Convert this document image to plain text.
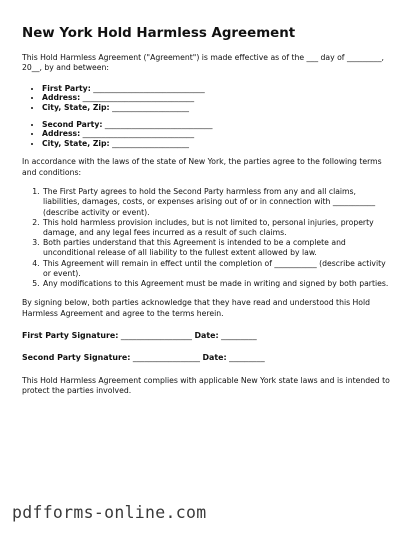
New York Hold Harmless Agreement

This Hold Harmless Agreement ("Agreement") is made effective as of the ___ day of _________, 20__, by and between:

• First Party: _____________________________
• Address: _____________________________
• City, State, Zip: ____________________
• Second Party: ____________________________
• Address: _____________________________
• City, State, Zip: ____________________

In accordance with the laws of the state of New York, the parties agree to the following terms and conditions:

1. The First Party agrees to hold the Second Party harmless from any and all claims, liabilities, damages, costs, or expenses arising out of or in connection with ___________ (describe activity or event).
2. This hold harmless provision includes, but is not limited to, personal injuries, property damage, and any legal fees incurred as a result of such claims.
3. Both parties understand that this Agreement is intended to be a complete and unconditional release of all liability to the fullest extent allowed by law.
4. This Agreement will remain in effect until the completion of ___________ (describe activity or event).
5. Any modifications to this Agreement must be made in writing and signed by both parties.

By signing below, both parties acknowledge that they have read and understood this Hold Harmless Agreement and agree to the terms herein.

First Party Signature: __________________ Date: _________

Second Party Signature: _________________ Date: _________

This Hold Harmless Agreement complies with applicable New York state laws and is intended to protect the parties involved.

pdfforms-online.com
